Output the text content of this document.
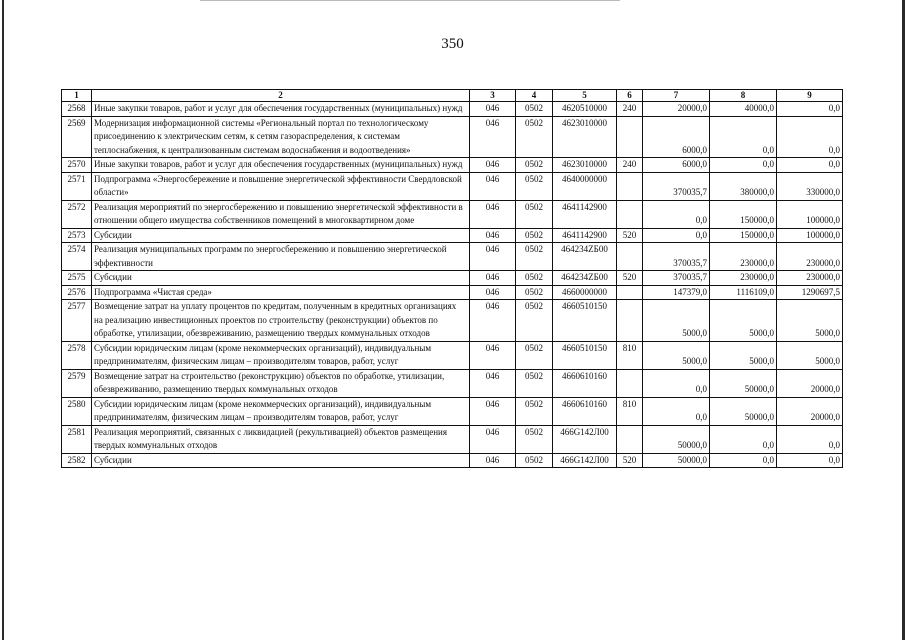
350
1	2	3	4	5	6	7	8	9
2568	Иные закупки товаров, работ и услуг для обеспечения государственных (муниципальных) нужд	046	0502	4620510000	240	20000,0	40000,0	0,0
2569	Модернизация информационной системы «Региональный портал по технологическому присоединению к электрическим сетям, к сетям газораспределения, к системам теплоснабжения, к централизованным системам водоснабжения и водоотведения»	046	0502	4623010000		6000,0	0,0	0,0
2570	Иные закупки товаров, работ и услуг для обеспечения государственных (муниципальных) нужд	046	0502	4623010000	240	6000,0	0,0	0,0
2571	Подпрограмма «Энергосбережение и повышение энергетической эффективности Свердловской области»	046	0502	4640000000		370035,7	380000,0	330000,0
2572	Реализация мероприятий по энергосбережению и повышению энергетической эффективности в отношении общего имущества собственников помещений в многоквартирном доме	046	0502	4641142900		0,0	150000,0	100000,0
2573	Субсидии	046	0502	4641142900	520	0,0	150000,0	100000,0
2574	Реализация муниципальных программ по энергосбережению и повышению энергетической эффективности	046	0502	464234ZБ00		370035,7	230000,0	230000,0
2575	Субсидии	046	0502	464234ZБ00	520	370035,7	230000,0	230000,0
2576	Подпрограмма «Чистая среда»	046	0502	4660000000		147379,0	1116109,0	1290697,5
2577	Возмещение затрат на уплату процентов по кредитам, полученным в кредитных организациях на реализацию инвестиционных проектов по строительству (реконструкции) объектов по обработке, утилизации, обезвреживанию, размещению твердых коммунальных отходов	046	0502	4660510150		5000,0	5000,0	5000,0
2578	Субсидии юридическим лицам (кроме некоммерческих организаций), индивидуальным предпринимателям, физическим лицам – производителям товаров, работ, услуг	046	0502	4660510150	810	5000,0	5000,0	5000,0
2579	Возмещение затрат на строительство (реконструкцию) объектов по обработке, утилизации, обезвреживанию, размещению твердых коммунальных отходов	046	0502	4660610160		0,0	50000,0	20000,0
2580	Субсидии юридическим лицам (кроме некоммерческих организаций), индивидуальным предпринимателям, физическим лицам – производителям товаров, работ, услуг	046	0502	4660610160	810	0,0	50000,0	20000,0
2581	Реализация мероприятий, связанных с ликвидацией (рекультивацией) объектов размещения твердых коммунальных отходов	046	0502	466G142Л00		50000,0	0,0	0,0
2582	Субсидии	046	0502	466G142Л00	520	50000,0	0,0	0,0
